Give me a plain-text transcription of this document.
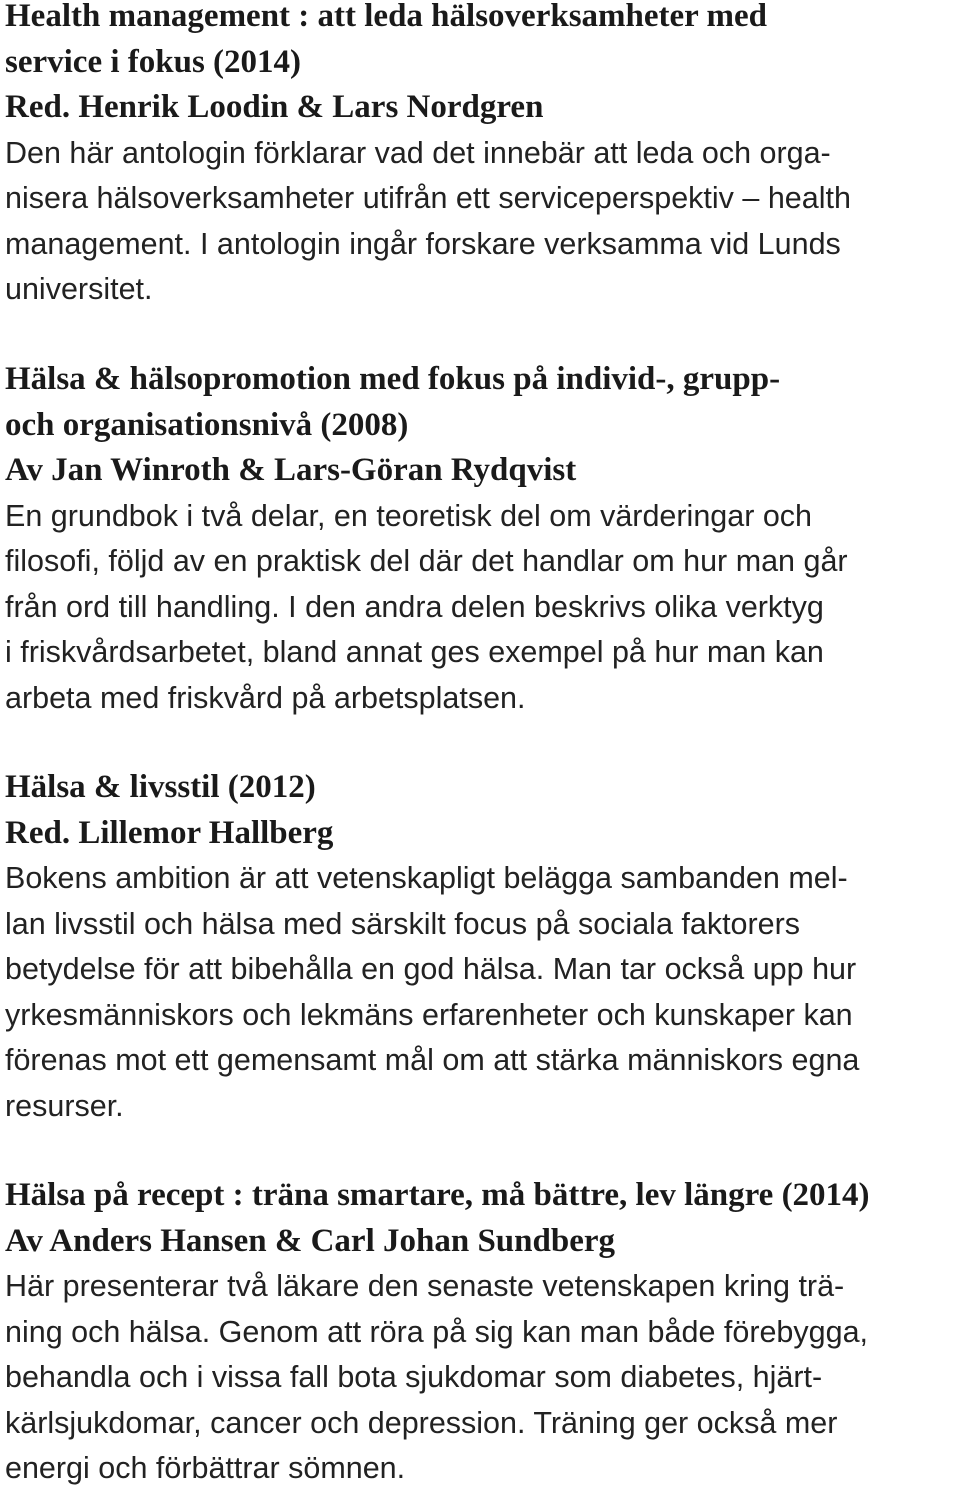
Health management : att leda hälsoverksamheter med
service i fokus (2014)
Red. Henrik Loodin & Lars Nordgren
Den här antologin förklarar vad det innebär att leda och orga-
nisera hälsoverksamheter utifrån ett serviceperspektiv – health
management. I antologin ingår forskare verksamma vid Lunds
universitet.
Hälsa & hälsopromotion med fokus på individ-, grupp-
och organisationsnivå (2008)
Av Jan Winroth & Lars-Göran Rydqvist
En grundbok i två delar, en teoretisk del om värderingar och
filosofi, följd av en praktisk del där det handlar om hur man går
från ord till handling. I den andra delen beskrivs olika verktyg
i friskvårdsarbetet, bland annat ges exempel på hur man kan
arbeta med friskvård på arbetsplatsen.
Hälsa & livsstil (2012)
Red. Lillemor Hallberg
Bokens ambition är att vetenskapligt belägga sambanden mel-
lan livsstil och hälsa med särskilt focus på sociala faktorers
betydelse för att bibehålla en god hälsa. Man tar också upp hur
yrkesmänniskors och lekmäns erfarenheter och kunskaper kan
förenas mot ett gemensamt mål om att stärka människors egna
resurser.
Hälsa på recept : träna smartare, må bättre, lev längre (2014)
Av Anders Hansen & Carl Johan Sundberg
Här presenterar två läkare den senaste vetenskapen kring trä-
ning och hälsa. Genom att röra på sig kan man både förebygga,
behandla och i vissa fall bota sjukdomar som diabetes, hjärt-
kärlsjukdomar, cancer och depression. Träning ger också mer
energi och förbättrar sömnen.
